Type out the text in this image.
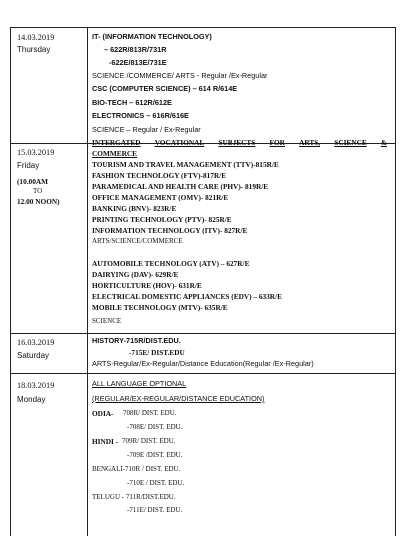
14.03.2019
Thursday
IT- (INFORMATION TECHNOLOGY)
– 622R/813R/731R
-622E/813E/731E
SCIENCE /COMMERCE/ ARTS - Regular /Ex-Regular
CSC (COMPUTER SCIENCE) – 614 R/614E
BIO-TECH – 612R/612E
ELECTRONICS – 616R/616E
SCIENCE – Regular / Ex-Regular
15.03.2019
Friday
(10.00AM
TO
12.00 NOON)
INTERGATED VOCATIONAL SUBJECTS FOR ARTS, SCIENCE &
COMMERCE
TOURISM AND TRAVEL MANAGEMENT (TTV)-815R/E
FASHION TECHNOLOGY (FTV)-817R/E
PARAMEDICAL AND HEALTH CARE (PHV)- 819R/E
OFFICE MANAGEMENT (OMV)- 821R/E
BANKING (BNV)- 823R/E
PRINTING TECHNOLOGY (PTV)- 825R/E
INFORMATION TECHNOLOGY (ITV)- 827R/E
ARTS/SCIENCE/COMMERCE
AUTOMOBILE TECHNOLOGY (ATV) – 627R/E
DAIRYING (DAV)- 629R/E
HORTICULTURE (HOV)- 631R/E
ELECTRICAL DOMESTIC APPLIANCES (EDV) – 633R/E
MOBILE TECHNOLOGY (MTV)- 635R/E
SCIENCE
16.03.2019
Saturday
HISTORY-715R/DIST.EDU.
-715E/ DIST.EDU
ARTS-Regular/Ex-Regular/Distance Education(Regular /Ex-Regular)
18.03.2019
Monday
ALL LANGUAGE OPTIONAL
(REGULAR/EX-REGULAR/DISTANCE EDUCATION)
ODIA- 708R/ DIST. EDU.
-708E/ DIST. EDU.
HINDI - 709R/ DIST. EDU.
-709E /DIST. EDU.
BENGALI-710R / DIST. EDU.
-710E / DIST. EDU.
TELUGU - 711R/DIST.EDU.
-711E/ DIST. EDU.
